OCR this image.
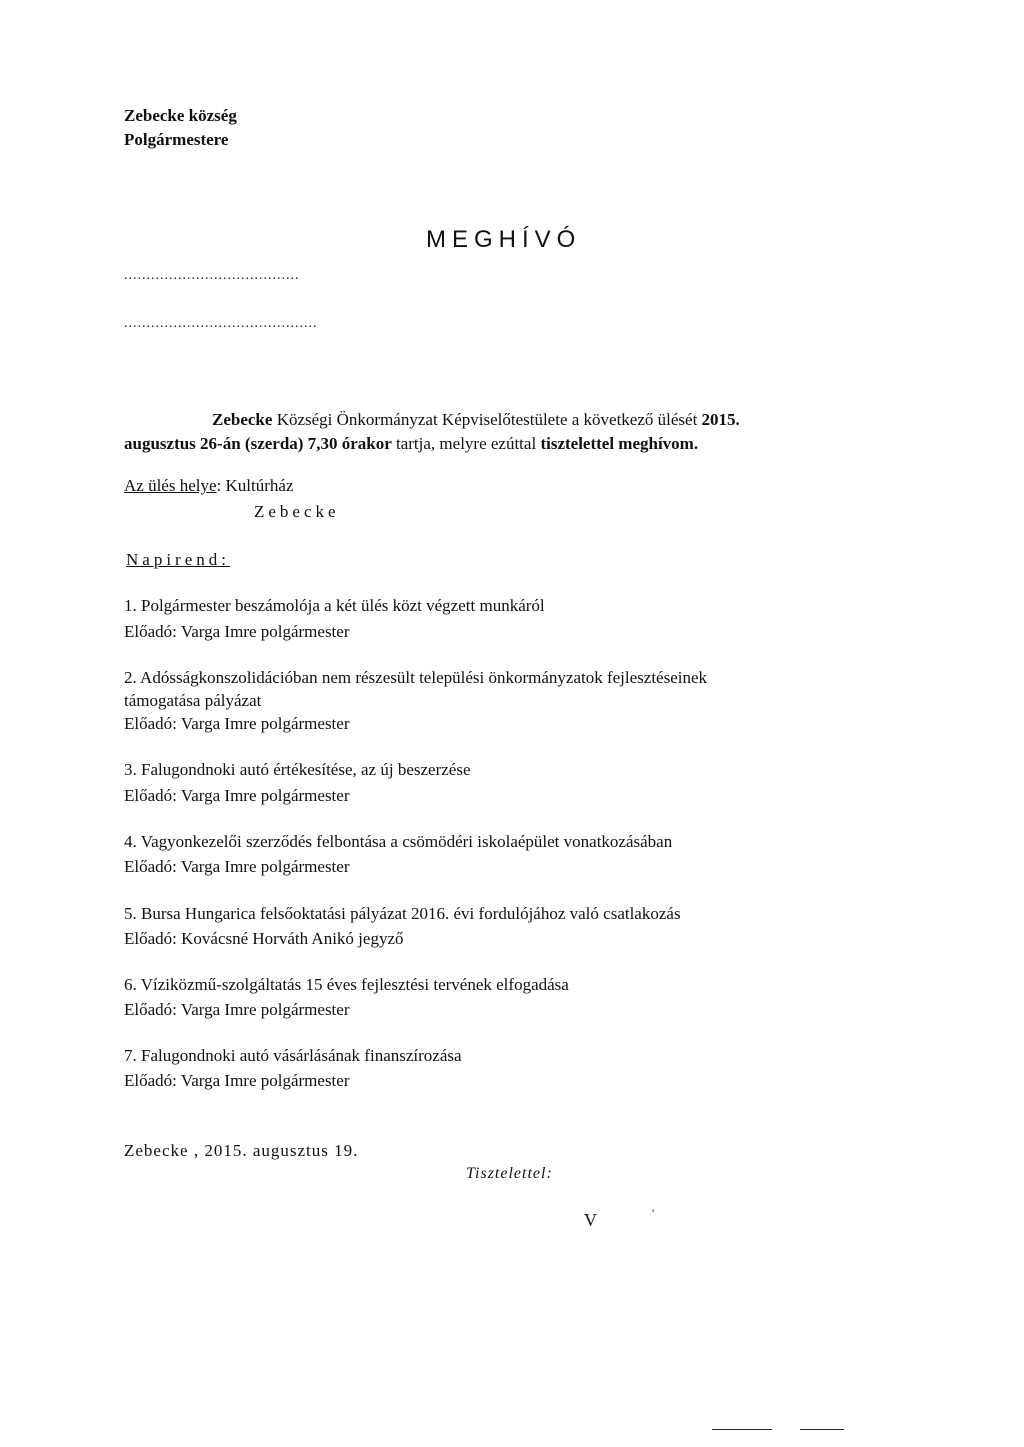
Zebecke község
Polgármestere
MEGHÍVÓ
.......................................
...........................................
Zebecke Községi Önkormányzat Képviselőtestülete a következő ülését 2015.
augusztus 26-án (szerda) 7,30 órakor tartja, melyre ezúttal tisztelettel meghívom.
Az ülés helye: Kultúrház
Zebecke
Napirend:
1. Polgármester beszámolója a két ülés közt végzett munkáról
Előadó: Varga Imre polgármester
2. Adósságkonszolidációban nem részesült települési önkormányzatok fejlesztéseinek
támogatása pályázat
Előadó: Varga Imre polgármester
3. Falugondnoki autó értékesítése, az új beszerzése
Előadó: Varga Imre polgármester
4. Vagyonkezelői szerződés felbontása a csömödéri iskolaépület vonatkozásában
Előadó: Varga Imre polgármester
5. Bursa Hungarica felsőoktatási pályázat 2016. évi fordulójához való csatlakozás
Előadó: Kovácsné Horváth Anikó jegyző
6. Víziközmű-szolgáltatás 15 éves fejlesztési tervének elfogadása
Előadó: Varga Imre polgármester
7. Falugondnoki autó vásárlásának finanszírozása
Előadó: Varga Imre polgármester
Zebecke , 2015. augusztus 19.
Tisztelettel:
V	'
